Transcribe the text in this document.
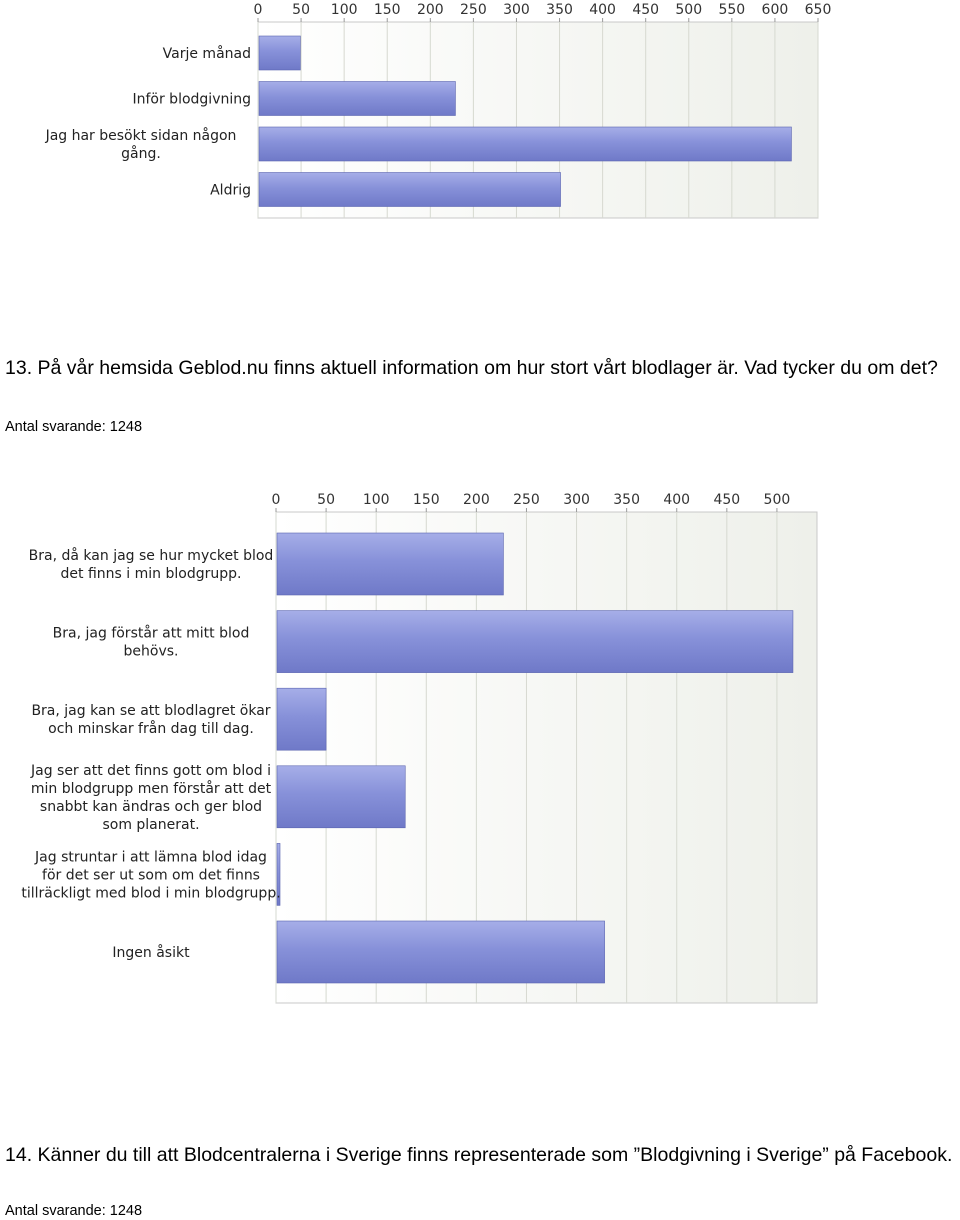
0 50 100 150 200 250 300 350 400 450 500 550 600 650
Varje månad
Inför blodgivning
Jag har besökt sidan någon gång.
Aldrig
13. På vår hemsida Geblod.nu finns aktuell information om hur stort vårt blodlager är. Vad tycker du om det?
Antal svarande: 1248
0	50 100 150 200 250 300 350 400 450 500
Bra, då kan jag se hur mycket blod det finns i min blodgrupp.
Bra, jag förstår att mitt blod behövs.
Bra, jag kan se att blodlagret ökar och minskar från dag till dag.
Jag ser att det finns gott om blod i min blodgrupp men förstår att det snabbt kan ändras och ger blod som planerat.
Jag struntar i att lämna blod idag för det ser ut som om det finns tillräckligt med blod i min blodgrupp.
Ingen åsikt
14. Känner du till att Blodcentralerna i Sverige finns representerade som ”Blodgivning i Sverige” på Facebook.
Antal svarande: 1248
